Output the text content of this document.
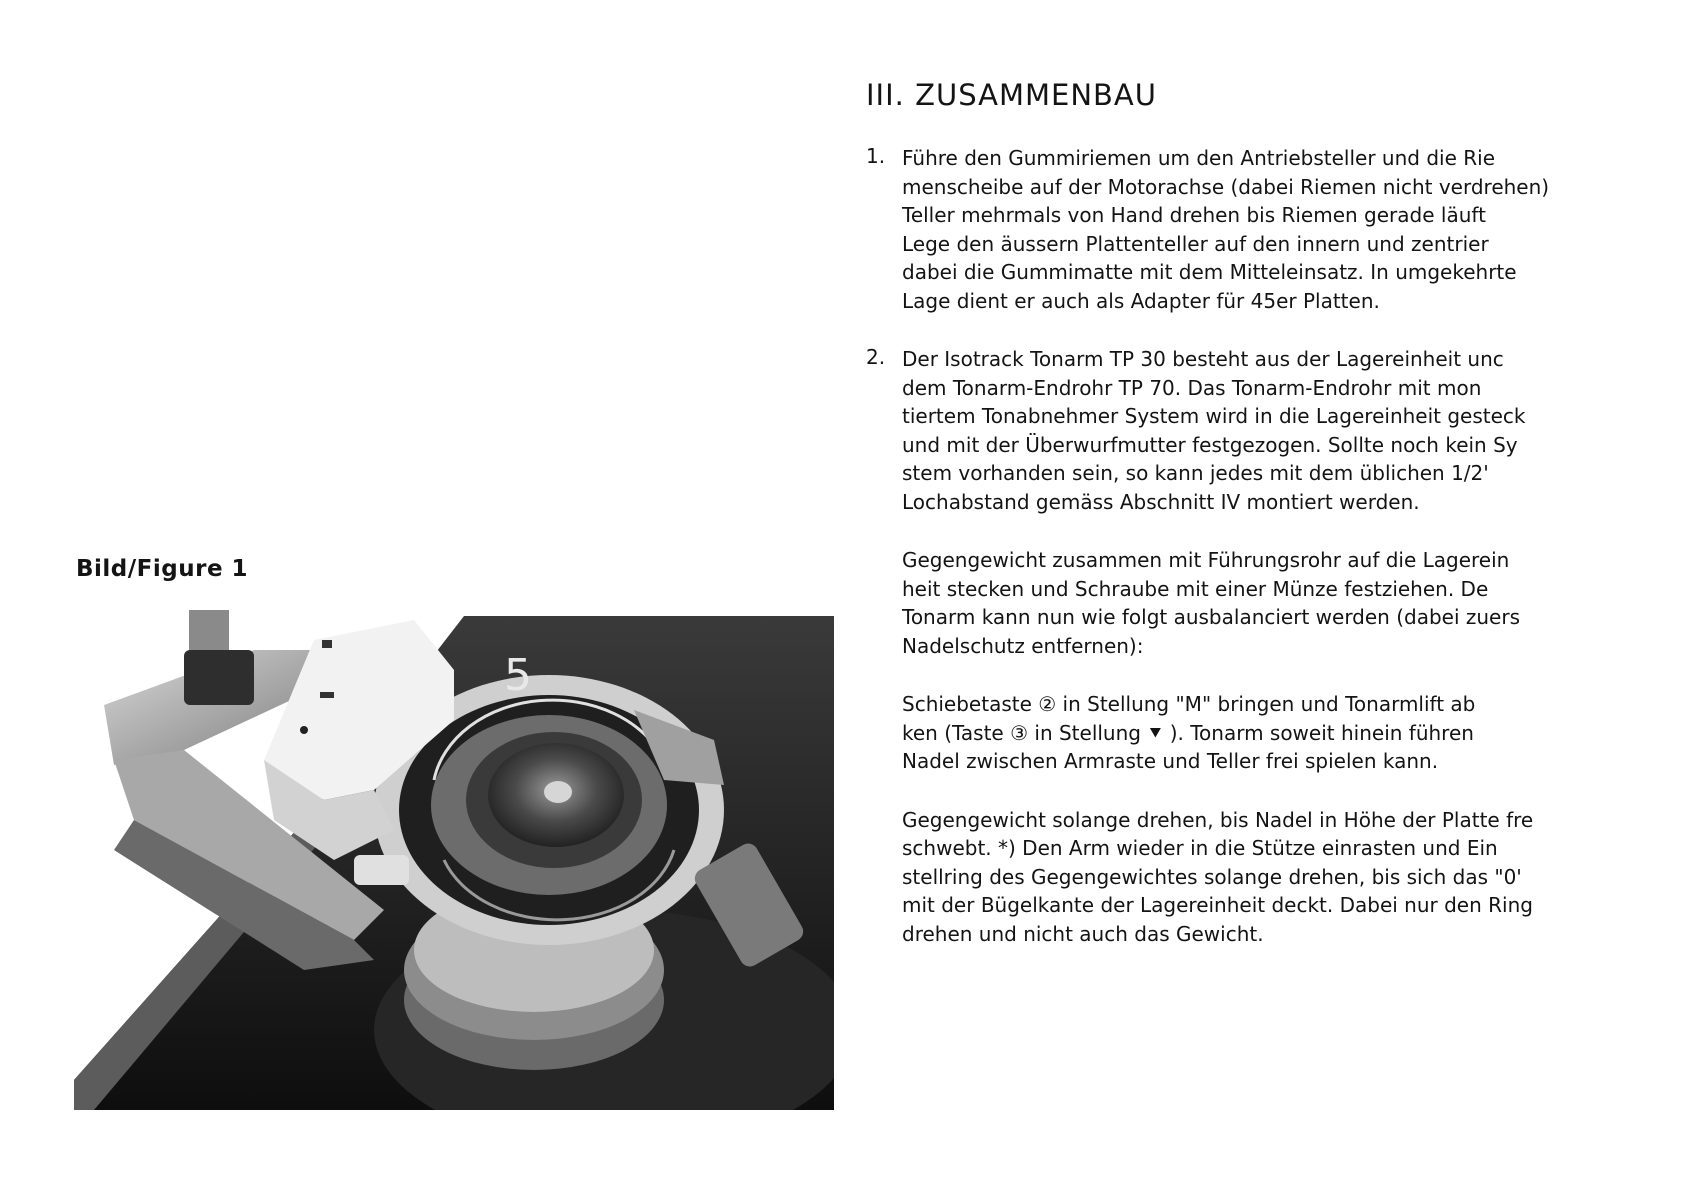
Bild/Figure 1
5
III. ZUSAMMENBAU
1. Führe den Gummiriemen um den Antriebsteller und die Rie
menscheibe auf der Motorachse (dabei Riemen nicht verdrehen)
Teller mehrmals von Hand drehen bis Riemen gerade läuft
Lege den äussern Plattenteller auf den innern und zentrier
dabei die Gummimatte mit dem Mitteleinsatz. In umgekehrte
Lage dient er auch als Adapter für 45er Platten.
2. Der Isotrack Tonarm TP 30 besteht aus der Lagereinheit unc
dem Tonarm-Endrohr TP 70. Das Tonarm-Endrohr mit mon
tiertem Tonabnehmer System wird in die Lagereinheit gesteck
und mit der Überwurfmutter festgezogen. Sollte noch kein Sy
stem vorhanden sein, so kann jedes mit dem üblichen 1/2'
Lochabstand gemäss Abschnitt IV montiert werden.
Gegengewicht zusammen mit Führungsrohr auf die Lagerein
heit stecken und Schraube mit einer Münze festziehen. De
Tonarm kann nun wie folgt ausbalanciert werden (dabei zuers
Nadelschutz entfernen):
Schiebetaste ② in Stellung "M" bringen und Tonarmlift ab
ken (Taste ③ in Stellung ⯆ ). Tonarm soweit hinein führen
Nadel zwischen Armraste und Teller frei spielen kann.
Gegengewicht solange drehen, bis Nadel in Höhe der Platte fre
schwebt. *) Den Arm wieder in die Stütze einrasten und Ein
stellring des Gegengewichtes solange drehen, bis sich das "0'
mit der Bügelkante der Lagereinheit deckt. Dabei nur den Ring
drehen und nicht auch das Gewicht.
